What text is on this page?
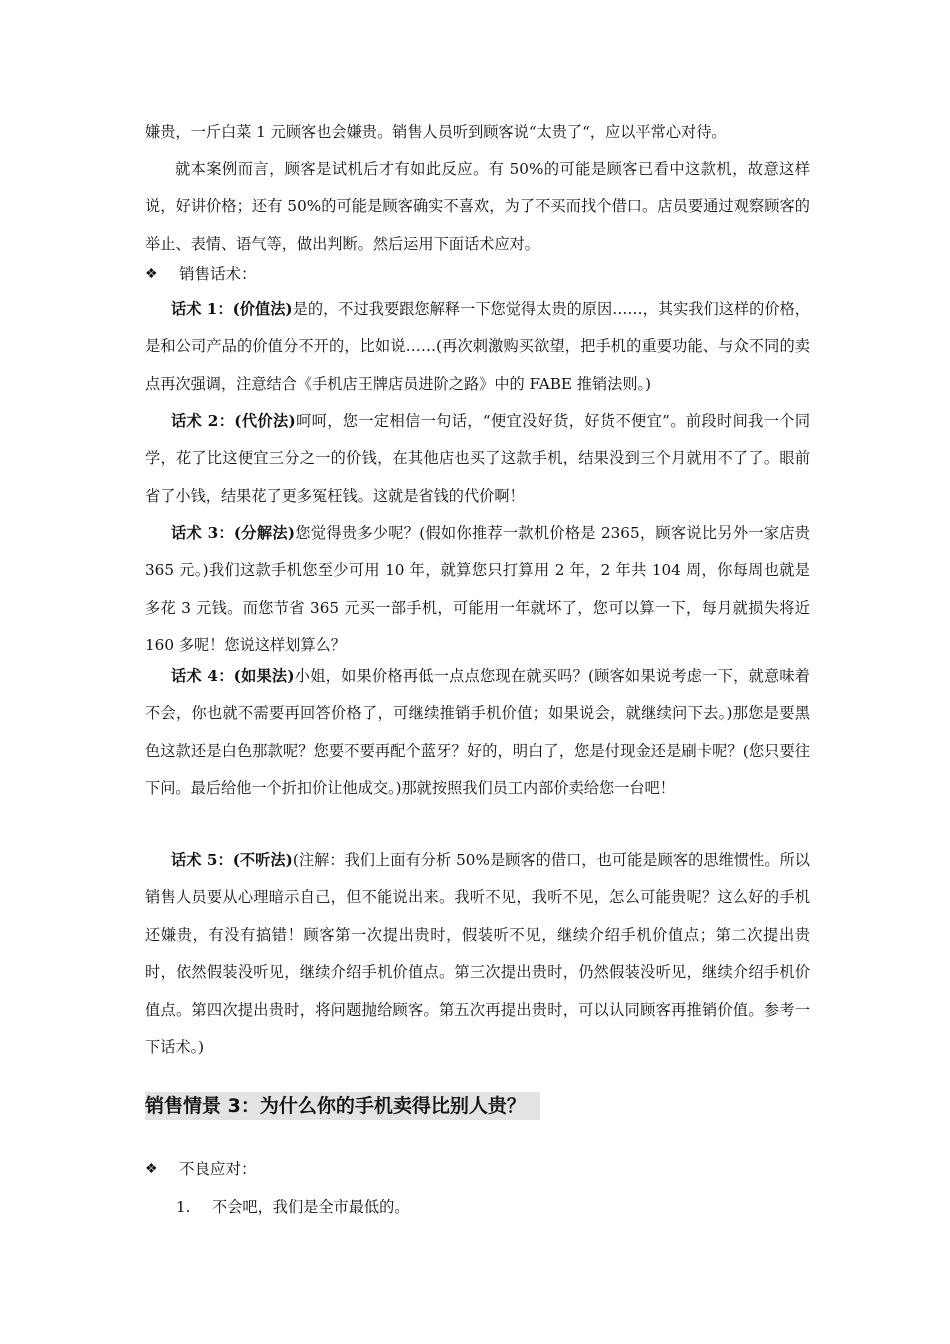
嫌贵，一斤白菜 1 元顾客也会嫌贵。销售人员听到顾客说“太贵了“，应以平常心对待。

就本案例而言，顾客是试机后才有如此反应。有 50%的可能是顾客已看中这款机，故意这样说，好讲价格；还有 50%的可能是顾客确实不喜欢，为了不买而找个借口。店员要通过观察顾客的举止、表情、语气等，做出判断。然后运用下面话术应对。

❖	销售话术：

话术 1：(价值法)是的，不过我要跟您解释一下您觉得太贵的原因……，其实我们这样的价格，是和公司产品的价值分不开的，比如说……(再次刺激购买欲望，把手机的重要功能、与众不同的卖点再次强调，注意结合《手机店王牌店员进阶之路》中的 FABE 推销法则。)

话术 2：(代价法)呵呵，您一定相信一句话，“便宜没好货，好货不便宜”。前段时间我一个同学，花了比这便宜三分之一的价钱，在其他店也买了这款手机，结果没到三个月就用不了了。眼前省了小钱，结果花了更多冤枉钱。这就是省钱的代价啊！

话术 3：(分解法)您觉得贵多少呢？(假如你推荐一款机价格是 2365，顾客说比另外一家店贵 365 元。)我们这款手机您至少可用 10 年，就算您只打算用 2 年，2 年共 104 周，你每周也就是多花 3 元钱。而您节省 365 元买一部手机，可能用一年就坏了，您可以算一下，每月就损失将近 160 多呢！您说这样划算么？

话术 4：(如果法)小姐，如果价格再低一点点您现在就买吗？(顾客如果说考虑一下，就意味着不会，你也就不需要再回答价格了，可继续推销手机价值；如果说会，就继续问下去。)那您是要黑色这款还是白色那款呢？您要不要再配个蓝牙？好的，明白了，您是付现金还是刷卡呢？(您只要往下问。最后给他一个折扣价让他成交。)那就按照我们员工内部价卖给您一台吧！

话术 5：(不听法)(注解：我们上面有分析 50%是顾客的借口，也可能是顾客的思维惯性。所以销售人员要从心理暗示自己，但不能说出来。我听不见，我听不见，怎么可能贵呢？这么好的手机还嫌贵，有没有搞错！顾客第一次提出贵时，假装听不见，继续介绍手机价值点；第二次提出贵时，依然假装没听见，继续介绍手机价值点。第三次提出贵时，仍然假装没听见，继续介绍手机价值点。第四次提出贵时，将问题抛给顾客。第五次再提出贵时，可以认同顾客再推销价值。参考一下话术。)

销售情景 3：为什么你的手机卖得比别人贵？
❖	不良应对：
1. 不会吧，我们是全市最低的。
